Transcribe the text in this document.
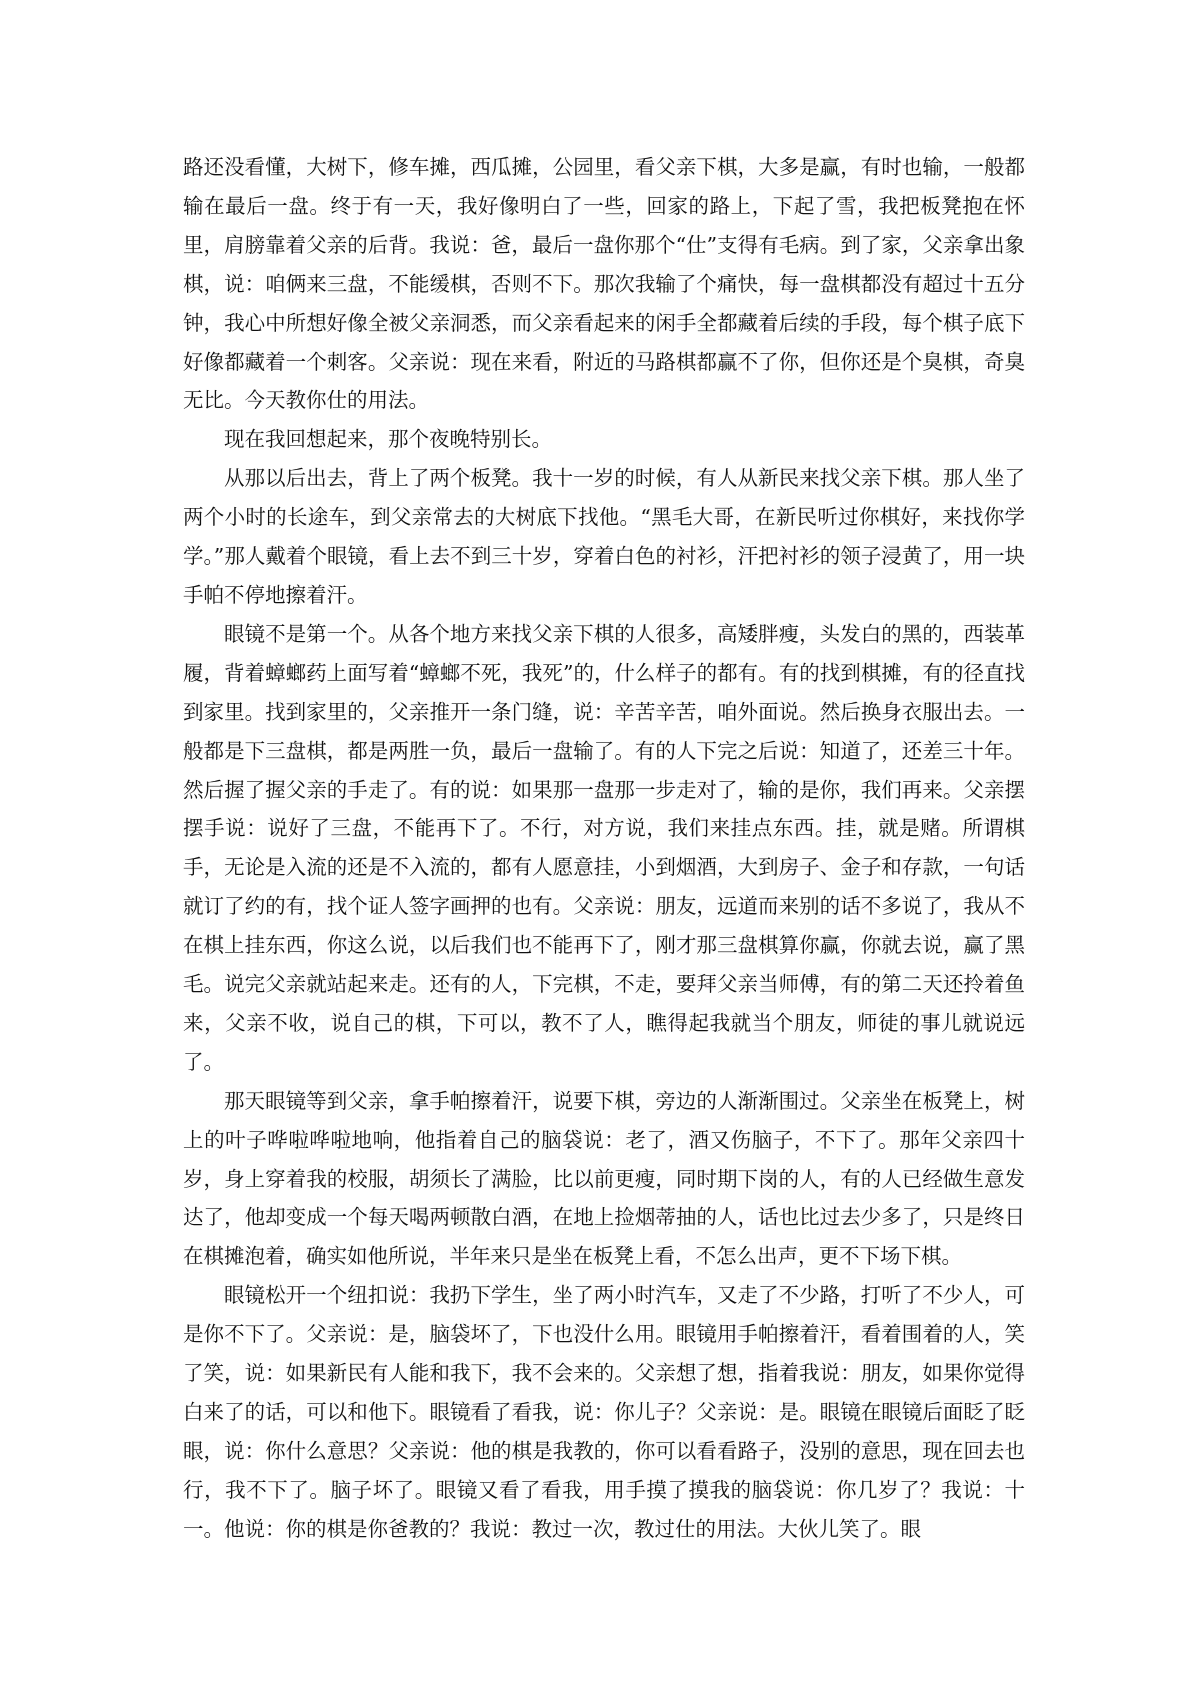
路还没看懂，大树下，修车摊，西瓜摊，公园里，看父亲下棋，大多是赢，有时也输，一般都输在最后一盘。终于有一天，我好像明白了一些，回家的路上，下起了雪，我把板凳抱在怀里，肩膀靠着父亲的后背。我说：爸，最后一盘你那个“仕”支得有毛病。到了家，父亲拿出象棋，说：咱俩来三盘，不能缓棋，否则不下。那次我输了个痛快，每一盘棋都没有超过十五分钟，我心中所想好像全被父亲洞悉，而父亲看起来的闲手全都藏着后续的手段，每个棋子底下好像都藏着一个刺客。父亲说：现在来看，附近的马路棋都赢不了你，但你还是个臭棋，奇臭无比。今天教你仕的用法。

现在我回想起来，那个夜晚特别长。

从那以后出去，背上了两个板凳。我十一岁的时候，有人从新民来找父亲下棋。那人坐了两个小时的长途车，到父亲常去的大树底下找他。“黑毛大哥，在新民听过你棋好，来找你学学。”那人戴着个眼镜，看上去不到三十岁，穿着白色的衬衫，汗把衬衫的领子浸黄了，用一块手帕不停地擦着汗。

眼镜不是第一个。从各个地方来找父亲下棋的人很多，高矮胖瘦，头发白的黑的，西装革履，背着蟑螂药上面写着“蟑螂不死，我死”的，什么样子的都有。有的找到棋摊，有的径直找到家里。找到家里的，父亲推开一条门缝，说：辛苦辛苦，咱外面说。然后换身衣服出去。一般都是下三盘棋，都是两胜一负，最后一盘输了。有的人下完之后说：知道了，还差三十年。然后握了握父亲的手走了。有的说：如果那一盘那一步走对了，输的是你，我们再来。父亲摆摆手说：说好了三盘，不能再下了。不行，对方说，我们来挂点东西。挂，就是赌。所谓棋手，无论是入流的还是不入流的，都有人愿意挂，小到烟酒，大到房子、金子和存款，一句话就订了约的有，找个证人签字画押的也有。父亲说：朋友，远道而来别的话不多说了，我从不在棋上挂东西，你这么说，以后我们也不能再下了，刚才那三盘棋算你赢，你就去说，赢了黑毛。说完父亲就站起来走。还有的人，下完棋，不走，要拜父亲当师傅，有的第二天还拎着鱼来，父亲不收，说自己的棋，下可以，教不了人，瞧得起我就当个朋友，师徒的事儿就说远了。

那天眼镜等到父亲，拿手帕擦着汗，说要下棋，旁边的人渐渐围过。父亲坐在板凳上，树上的叶子哗啦哗啦地响，他指着自己的脑袋说：老了，酒又伤脑子，不下了。那年父亲四十岁，身上穿着我的校服，胡须长了满脸，比以前更瘦，同时期下岗的人，有的人已经做生意发达了，他却变成一个每天喝两顿散白酒，在地上捡烟蒂抽的人，话也比过去少多了，只是终日在棋摊泡着，确实如他所说，半年来只是坐在板凳上看，不怎么出声，更不下场下棋。

眼镜松开一个纽扣说：我扔下学生，坐了两小时汽车，又走了不少路，打听了不少人，可是你不下了。父亲说：是，脑袋坏了，下也没什么用。眼镜用手帕擦着汗，看着围着的人，笑了笑，说：如果新民有人能和我下，我不会来的。父亲想了想，指着我说：朋友，如果你觉得白来了的话，可以和他下。眼镜看了看我，说：你儿子？父亲说：是。眼镜在眼镜后面眨了眨眼，说：你什么意思？父亲说：他的棋是我教的，你可以看看路子，没别的意思，现在回去也行，我不下了。脑子坏了。眼镜又看了看我，用手摸了摸我的脑袋说：你几岁了？我说：十一。他说：你的棋是你爸教的？我说：教过一次，教过仕的用法。大伙儿笑了。眼
